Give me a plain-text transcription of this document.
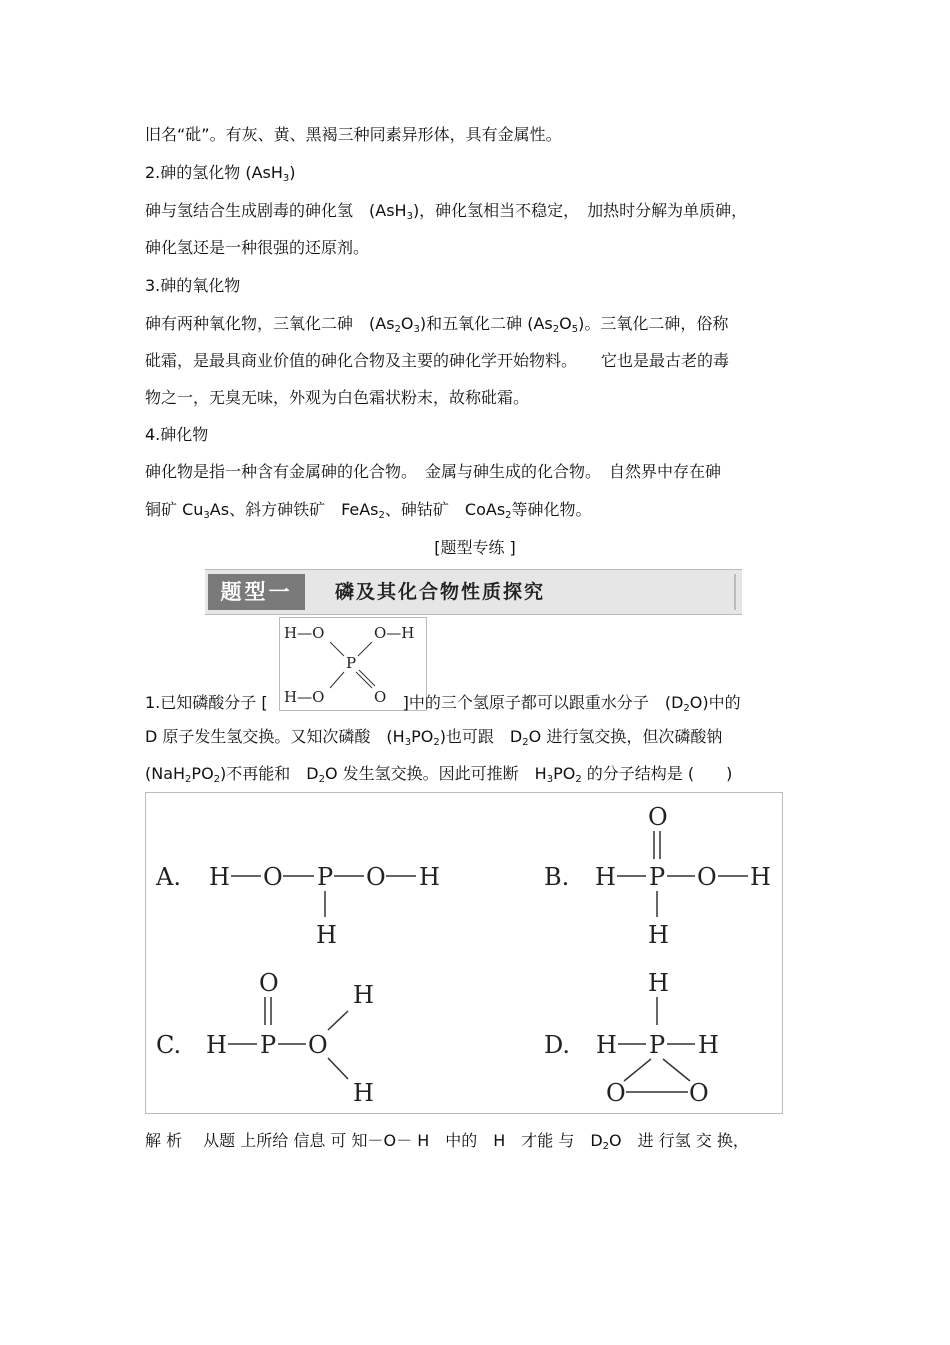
旧名“砒”。有灰、黄、黑褐三种同素异形体，具有金属性。
2.砷的氢化物 (AsH$_3$)
砷与氢结合生成剧毒的砷化氢　(AsH$_3$)，砷化氢相当不稳定，　加热时分解为单质砷，
砷化氢还是一种很强的还原剂。
3.砷的氧化物
砷有两种氧化物，三氧化二砷　$(As_2O_3)$和五氧化二砷 $(As_2O_5)$。三氧化二砷，俗称
砒霜，是最具商业价值的砷化合物及主要的砷化学开始物料。　　它也是最古老的毒
物之一，无臭无味，外观为白色霜状粉末，故称砒霜。
4.砷化物
砷化物是指一种含有金属砷的化合物。　金属与砷生成的化合物。　自然界中存在砷
铜矿 $Cu_3As$、斜方砷铁矿　FeAs$_2$、砷钴矿　CoAs$_2$等砷化物。
[题型专练 ]
题型一	磷及其化合物性质探究
H—O	O—H
P
H—O	O
1.已知磷酸分子 [	]中的三个氢原子都可以跟重水分子　$(D_2O)$中的
D 原子发生氢交换。又知次磷酸　$(H_3PO_2)$也可跟　$D_2O$ 进行氢交换，但次磷酸钠
$(NaH_2PO_2)$不再能和　$D_2O$ 发生氢交换。因此可推断　$H_3PO_2$ 的分子结构是 (　　)
A. H O P O H
H
B.
O
H P O H
H
C.
O
H P O
H
H
D.
H
H P H
O	O
解 析　 从题 上所给 信息 可 知－O－ H　中的　H　才能 与　$D_2O$　进 行氢 交 换，
